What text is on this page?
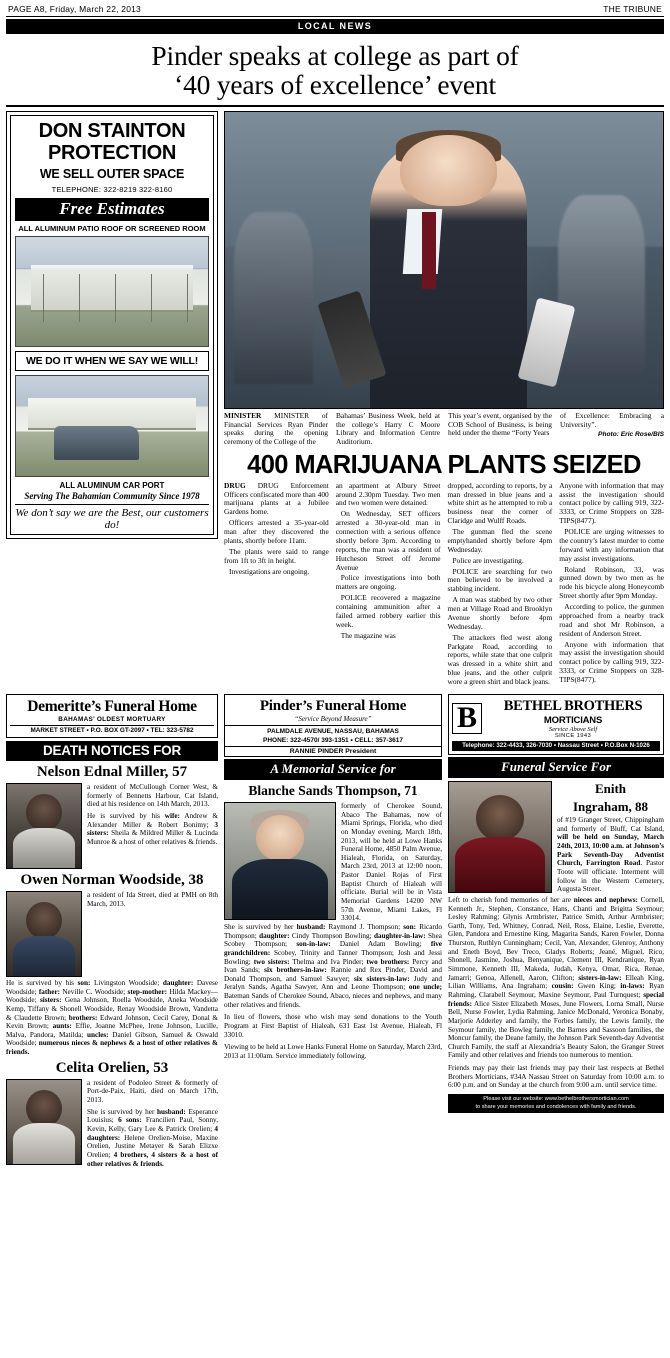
PAGE A8, Friday, March 22, 2013	THE TRIBUNE
LOCAL NEWS
Pinder speaks at college as part of
‘40 years of excellence’ event
DON STAINTON
PROTECTION
WE SELL OUTER SPACE
TELEPHONE: 322-8219 322-8160
Free Estimates
ALL ALUMINUM PATIO ROOF OR SCREENED ROOM
WE DO IT WHEN WE SAY WE WILL!
ALL ALUMINUM CAR PORT
Serving The Bahamian Community Since 1978
We don’t say we are the Best, our customers do!
MINISTER MINISTER of Financial Services Ryan Pinder speaks during the opening ceremony of the College of the
Bahamas’ Business Week, held at the college’s Harry C Moore Library and Information Centre Auditorium.
This year’s event, organised by the COB School of Business, is being held under the theme “Forty Years
of Excellence: Embracing a University”.
Photo: Eric Rose/BIS
400 MARIJUANA PLANTS SEIZED

DRUG DRUG Enforcement Officers confiscated more than 400 marijuana plants at a Jubilee Gardens home.

Officers arrested a 35-year-old man after they discovered the plants, shortly before 11am.

The plants were said to range from 1ft to 3ft in height.

Investigations are ongoing.

an apartment at Albury Street around 2.30pm Tuesday. Two men and two women were detained.

On Wednesday, SET officers arrested a 30-year-old man in connection with a serious offence shortly before 3pm. According to reports, the man was a resident of Hutcheson Street off Jerome Avenue

Police investigations into both matters are ongoing.

POLICE recovered a magazine containing ammunition after a failed armed robbery earlier this week.

The magazine was

dropped, according to reports, by a man dressed in blue jeans and a white shirt as he attempted to rob a business near the corner of Claridge and Wulff Roads.

The gunman fled the scene emptyhanded shortly before 4pm Wednesday.

Police are investigating.

POLICE are searching for two men believed to be involved a stabbing incident.

A man was stabbed by two other men at Village Road and Brooklyn Avenue shortly before 4pm Wednesday.

The attackers fled west along Parkgate Road, according to reports, while state that one culprit was dressed in a white shirt and blue jeans, and the other culprit wore a green shirt and black jeans.

Anyone with information that may assist the investigation should contact police by calling 919, 322-3333, or Crime Stoppers on 328-TIPS(8477).

POLICE are urging witnesses to the country’s latest murder to come forward with any information that may assist investigations.

Roland Robinson, 33, was gunned down by two men as he rode his bicycle along Honeycomb Street shortly after 9pm Monday.

According to police, the gunmen approached from a nearby track road and shot Mr Robinson, a resident of Anderson Street.

Anyone with information that may assist the investigation should contact police by calling 919, 322-3333, or Crime Stoppers on 328-TIPS(8477).

Demeritte’s Funeral Home
BAHAMAS’ OLDEST MORTUARY
MARKET STREET • P.O. BOX GT-2097 • TEL: 323-5782
DEATH NOTICES FOR
Nelson Ednal Miller, 57

a resident of McCullough Corner West, & formerly of Bennetts Harbour, Cat Island, died at his residence on 14th March, 2013.

He is survived by his wife: Andrew & Alexander Miller & Robert Bonimy; 3 sisters: Sheila & Mildred Miller & Lucinda Munroe & a host of other relatives & friends.

Owen Norman Woodside, 38

a resident of Ida Street, died at PMH on 8th March, 2013.

He is survived by his son: Livingston Woodside; daughter: Davese Woodside; father: Neville C. Woodside; step-mother: Hilda Mackey—Woodside; sisters: Gena Johnson, Roella Woodside, Aneka Woodside Kemp, Tiffany & Shonell Woodside, Renay Woodside Brown, Vandetta & Claudette Brown; brothers: Edward Johnson, Cecil Carey, Donal & Kevin Brown; aunts: Effie, Joanne McPhee, Irene Johnson, Lucille, Malva, Pandora, Matilda; uncles: Daniel Gibson, Samuel & Oswald Woodside; numerous nieces & nephews & a host of other relatives & friends.

Celita Orelien, 53

a resident of Podoleo Street & formerly of Port-de-Paix, Haiti, died on March 17th, 2013.

She is survived by her husband: Esperance Louisius; 6 sons: Francilien Paul, Sonny, Kevin, Kelly, Gary Lee & Patrick Orelien; 4 daughters: Helene Orelien-Moise, Maxine Orelien, Justine Metayer & Sarah Elizxe Orelien; 4 brothers, 4 sisters & a host of other relatives & friends.

Pinder’s Funeral Home
“Service Beyond Measure”
PALMDALE AVENUE, NASSAU, BAHAMAS
PHONE: 322-4570/ 393-1351 • CELL: 357-3617
RANNIE PINDER President
A Memorial Service for
Blanche Sands Thompson, 71
formerly of Cherokee Sound, Abaco The Bahamas, now of Miami Springs, Florida, who died on Monday evening, March 18th, 2013, will be held at Lowe Hanks Funeral Home, 4850 Palm Avenue, Hialeah, Florida, on Saturday, March 23rd, 2013 at 12:00 noon. Pastor Daniel Rojas of First Baptist Church of Hialeah will officiate. Burial will be in Vista Memorial Gardens 14200 NW 57th Avenue, Miami Lakes, Fl 33014.

She is survived by her husband: Raymond J. Thompson; son: Ricardo Thompson; daughter: Cindy Thompson Bowling; daughter-in-law: Shea Scobey Thompson; son-in-law: Daniel Adam Bowling; five grandchildren: Scobey, Trinity and Tanner Thompson; Josh and Jessi Bowling; two sisters: Thelma and Iva Pinder; two brothers: Percy and Ivan Sands; six brothers-in-law: Rannie and Rex Pinder, David and Donald Thompson, and Samuel Sawyer; six sisters-in-law: Judy and Jeralyn Sands, Agatha Sawyer, Ann and Leone Thompson; one uncle; Bateman Sands of Cherokee Sound, Abaco, nieces and nephews, and many other relatives and friends.

In lieu of flowers, those who wish may send donations to the Youth Program at First Baptist of Hialeah, 631 East 1st Avenue, Hialeah, Fl 33010.

Viewing to be held at Lowe Hanks Funeral Home on Saturday, March 23rd, 2013 at 11:00am. Service immediately following.

B	BETHEL BROTHERS
MORTICIANS
Service Above Self
SINCE 1943
Telephone: 322-4433, 326-7030 • Nassau Street • P.O.Box N-1026
Funeral Service For
Enith
Ingraham, 88
of #19 Granger Street, Chippingham and formerly of Bluff, Cat Island, will be held on Sunday, March 24th, 2013, 10:00 a.m. at Johnson’s Park Seventh-Day Adventist Church, Farrington Road. Pastor Toote will officiate. Interment will follow in the Western Cemetery, Augusta Street.

Left to cherish fond memories of her are nieces and nephews: Cornell, Kenneth Jr., Stephen, Constance, Hans, Chanti and Brigitta Seymour; Lesley Rahming; Glynis Armbrister, Patrice Smith, Arthur Armbrister; Garth, Tony, Ted, Whitney, Conrad, Neil, Ross, Elaine, Leslie, Everette, Glen, Pandora and Ernestine King, Magarita Sands, Karen Fowler, Donna Thurston, Ruthlyn Cunningham; Cecil, Van, Alexander, Glenroy, Anthony and Eneth Boyd, Bev Treco, Gladys Roberts; Jeané, Miguel, Rico, Shonell, Jasmine, Joshua, Benyanique, Clement III, Kendranique, Ryan Simmone, Kenneth III, Makeda, Judah, Kenya, Omar, Rica, Renae, Jamarri; Genoa, Allenell, Aaron, Clifton; sisters-in-law: Elleah King, Lilian Williams, Ana Ingraham; cousin: Gwen King; in-laws: Ryan Rahming, Clarabell Seymour, Maxine Seymour, Paul Turnquest; special friends: Alice Sister Elizabeth Moses, June Flowers, Lorna Small, Nurse Bell, Nurse Fowler, Lydia Rahming, Janice McDonald, Veronica Bonaby, Marjorie Adderley and family, the Forbes family, the Lewis family, the Seymour family, the Bowleg family, the Barnes and Sassoon families, the Moncur family, the Deane family, the Johnson Park Seventh-day Adventist Church Family, the staff at Alexandria’s Beauty Salon, the Granger Street Family and other relatives and friends too numerous to mention.

Friends may pay their last friends may pay their last respects at Bethel Brothers Morticians, #34A Nassau Street on Saturday from 10:00 a.m. to 6:00 p.m. and on Sunday at the church from 9:00 a.m. until service time.

Please visit our website: www.bethelbrothersmortician.com
to share your memories and condolences with family and friends.
